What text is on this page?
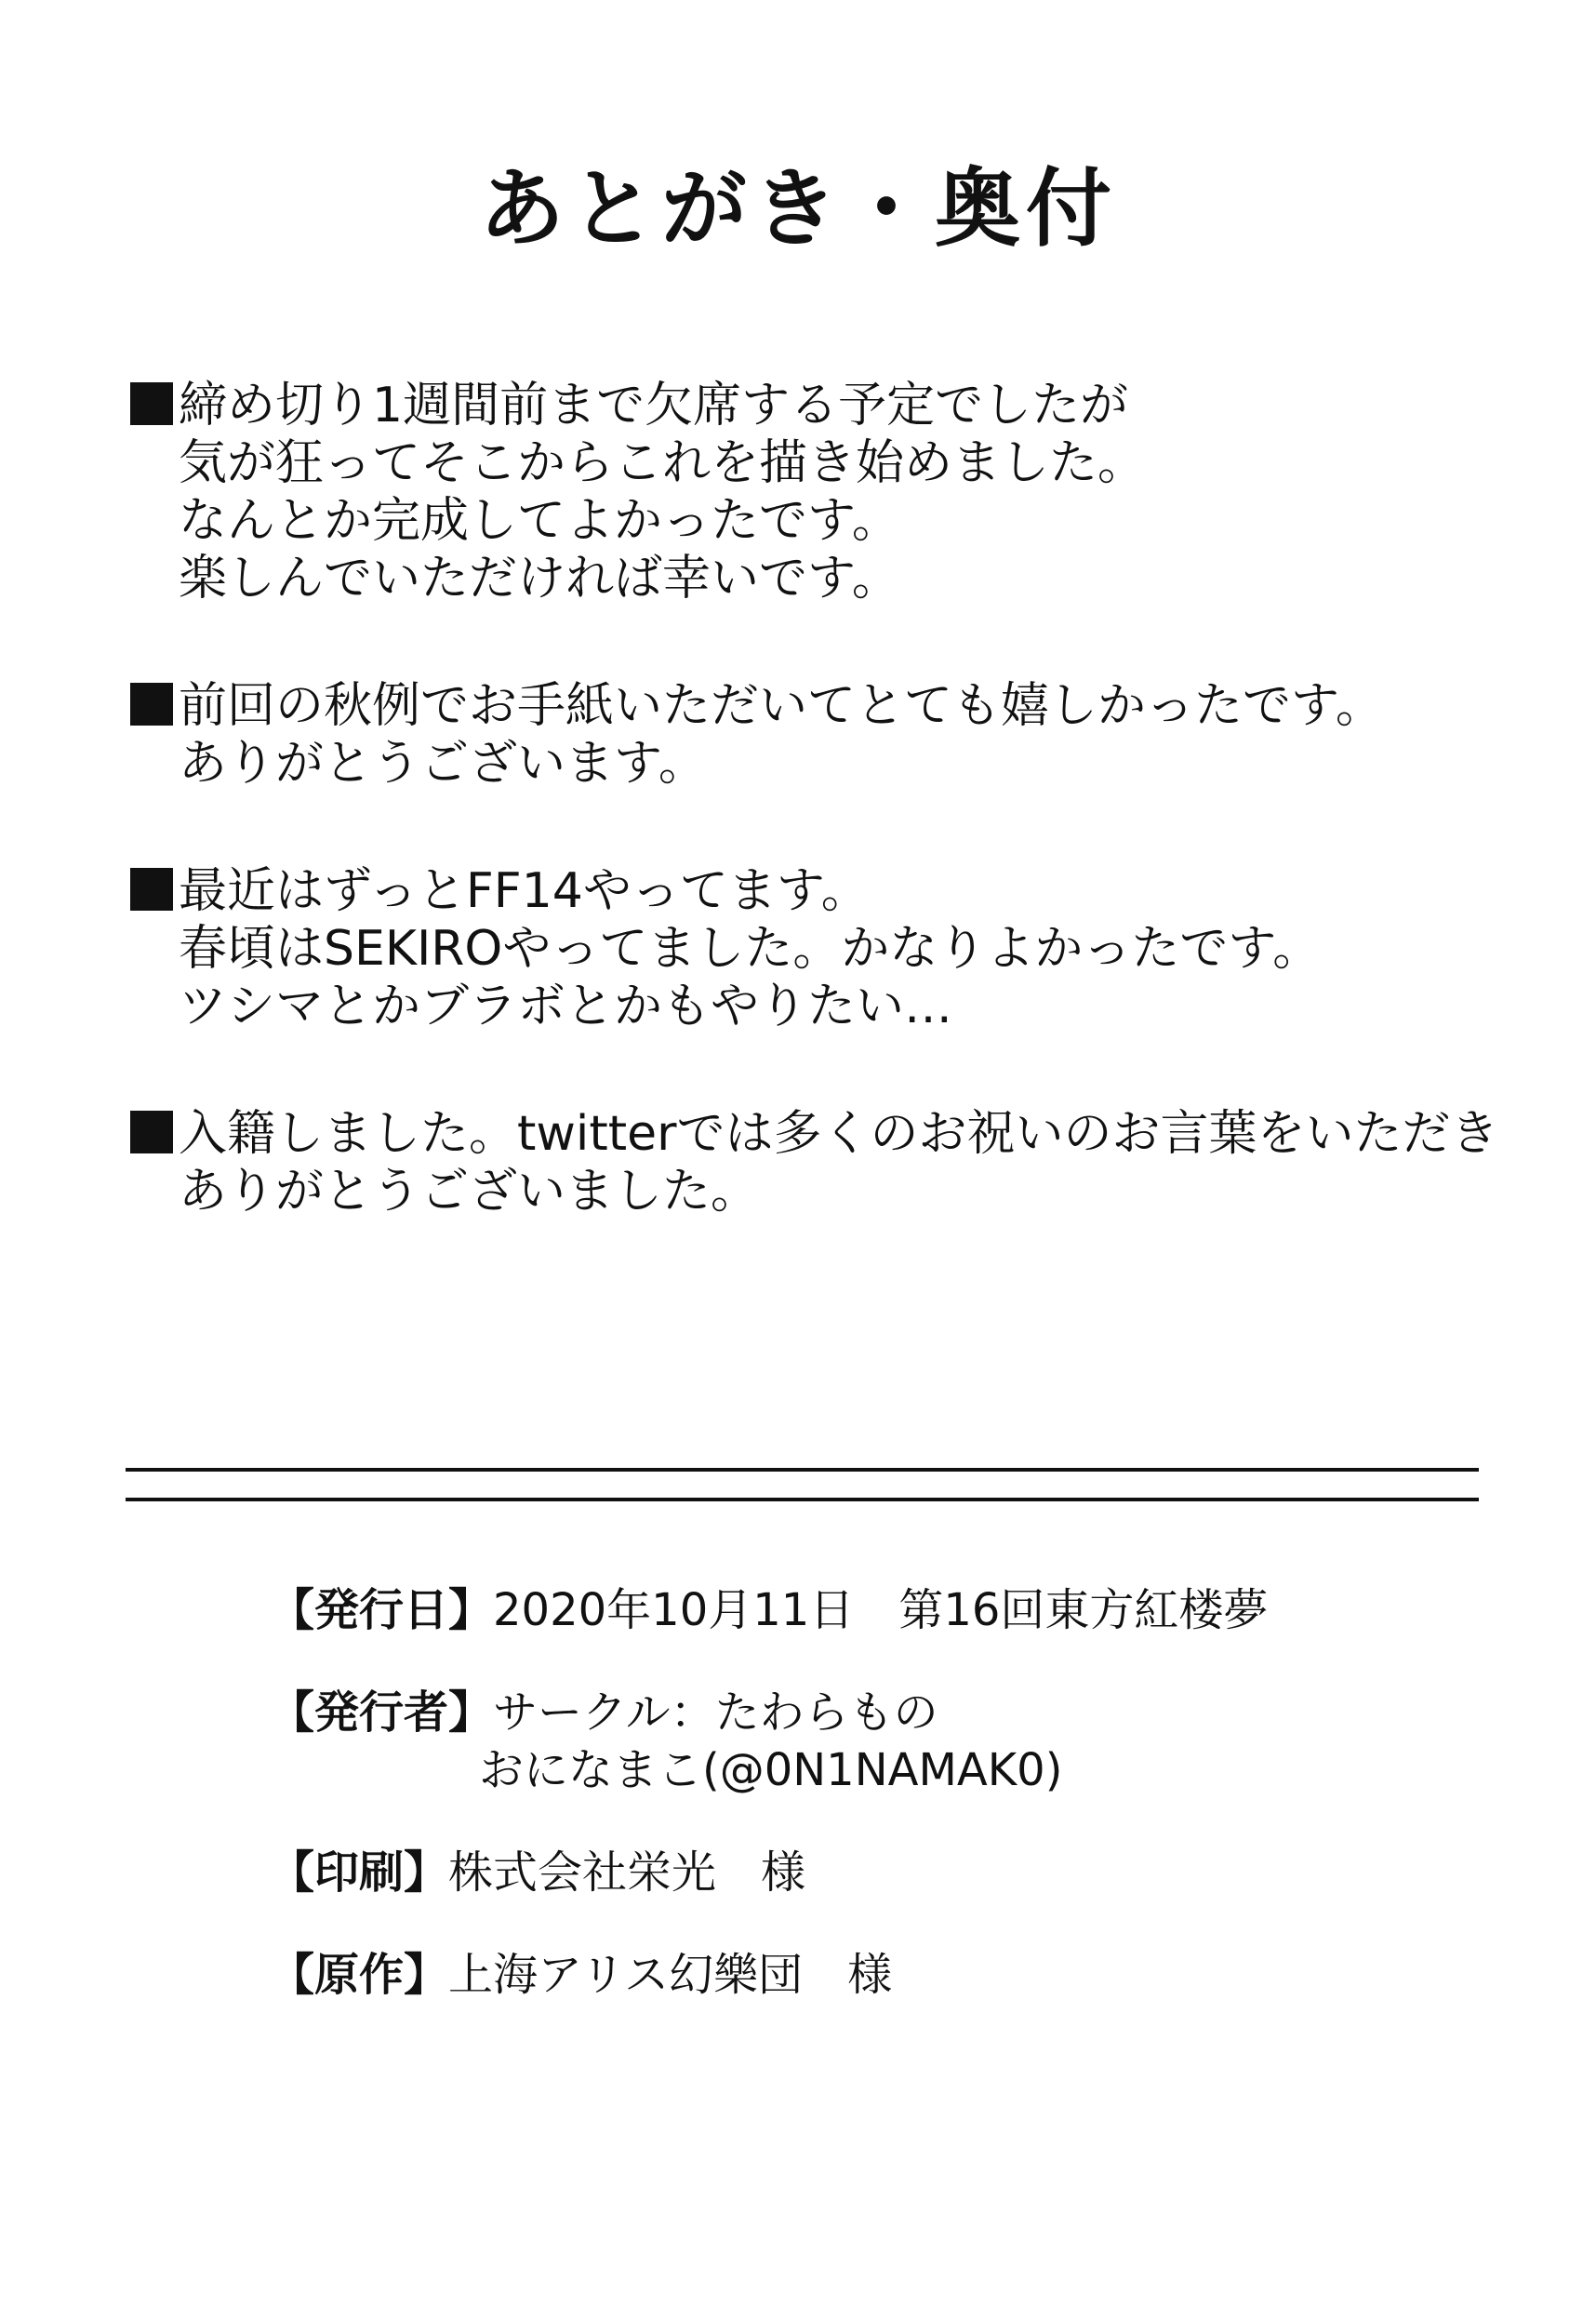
あとがき・奥付
締め切り1週間前まで欠席する予定でしたが
気が狂ってそこからこれを描き始めました。
なんとか完成してよかったです。
楽しんでいただければ幸いです。
前回の秋例でお手紙いただいてとても嬉しかったです。
ありがとうございます。
最近はずっとFF14やってます。
春頃はSEKIROやってました。かなりよかったです。
ツシマとかブラボとかもやりたい…
入籍しました。twitterでは多くのお祝いのお言葉をいただき
ありがとうございました。
【発行日】2020年10月11日　第16回東方紅楼夢
【発行者】サークル：たわらもの
おになまこ(@0N1NAMAK0)
【印刷】株式会社栄光　様
【原作】上海アリス幻樂団　様
